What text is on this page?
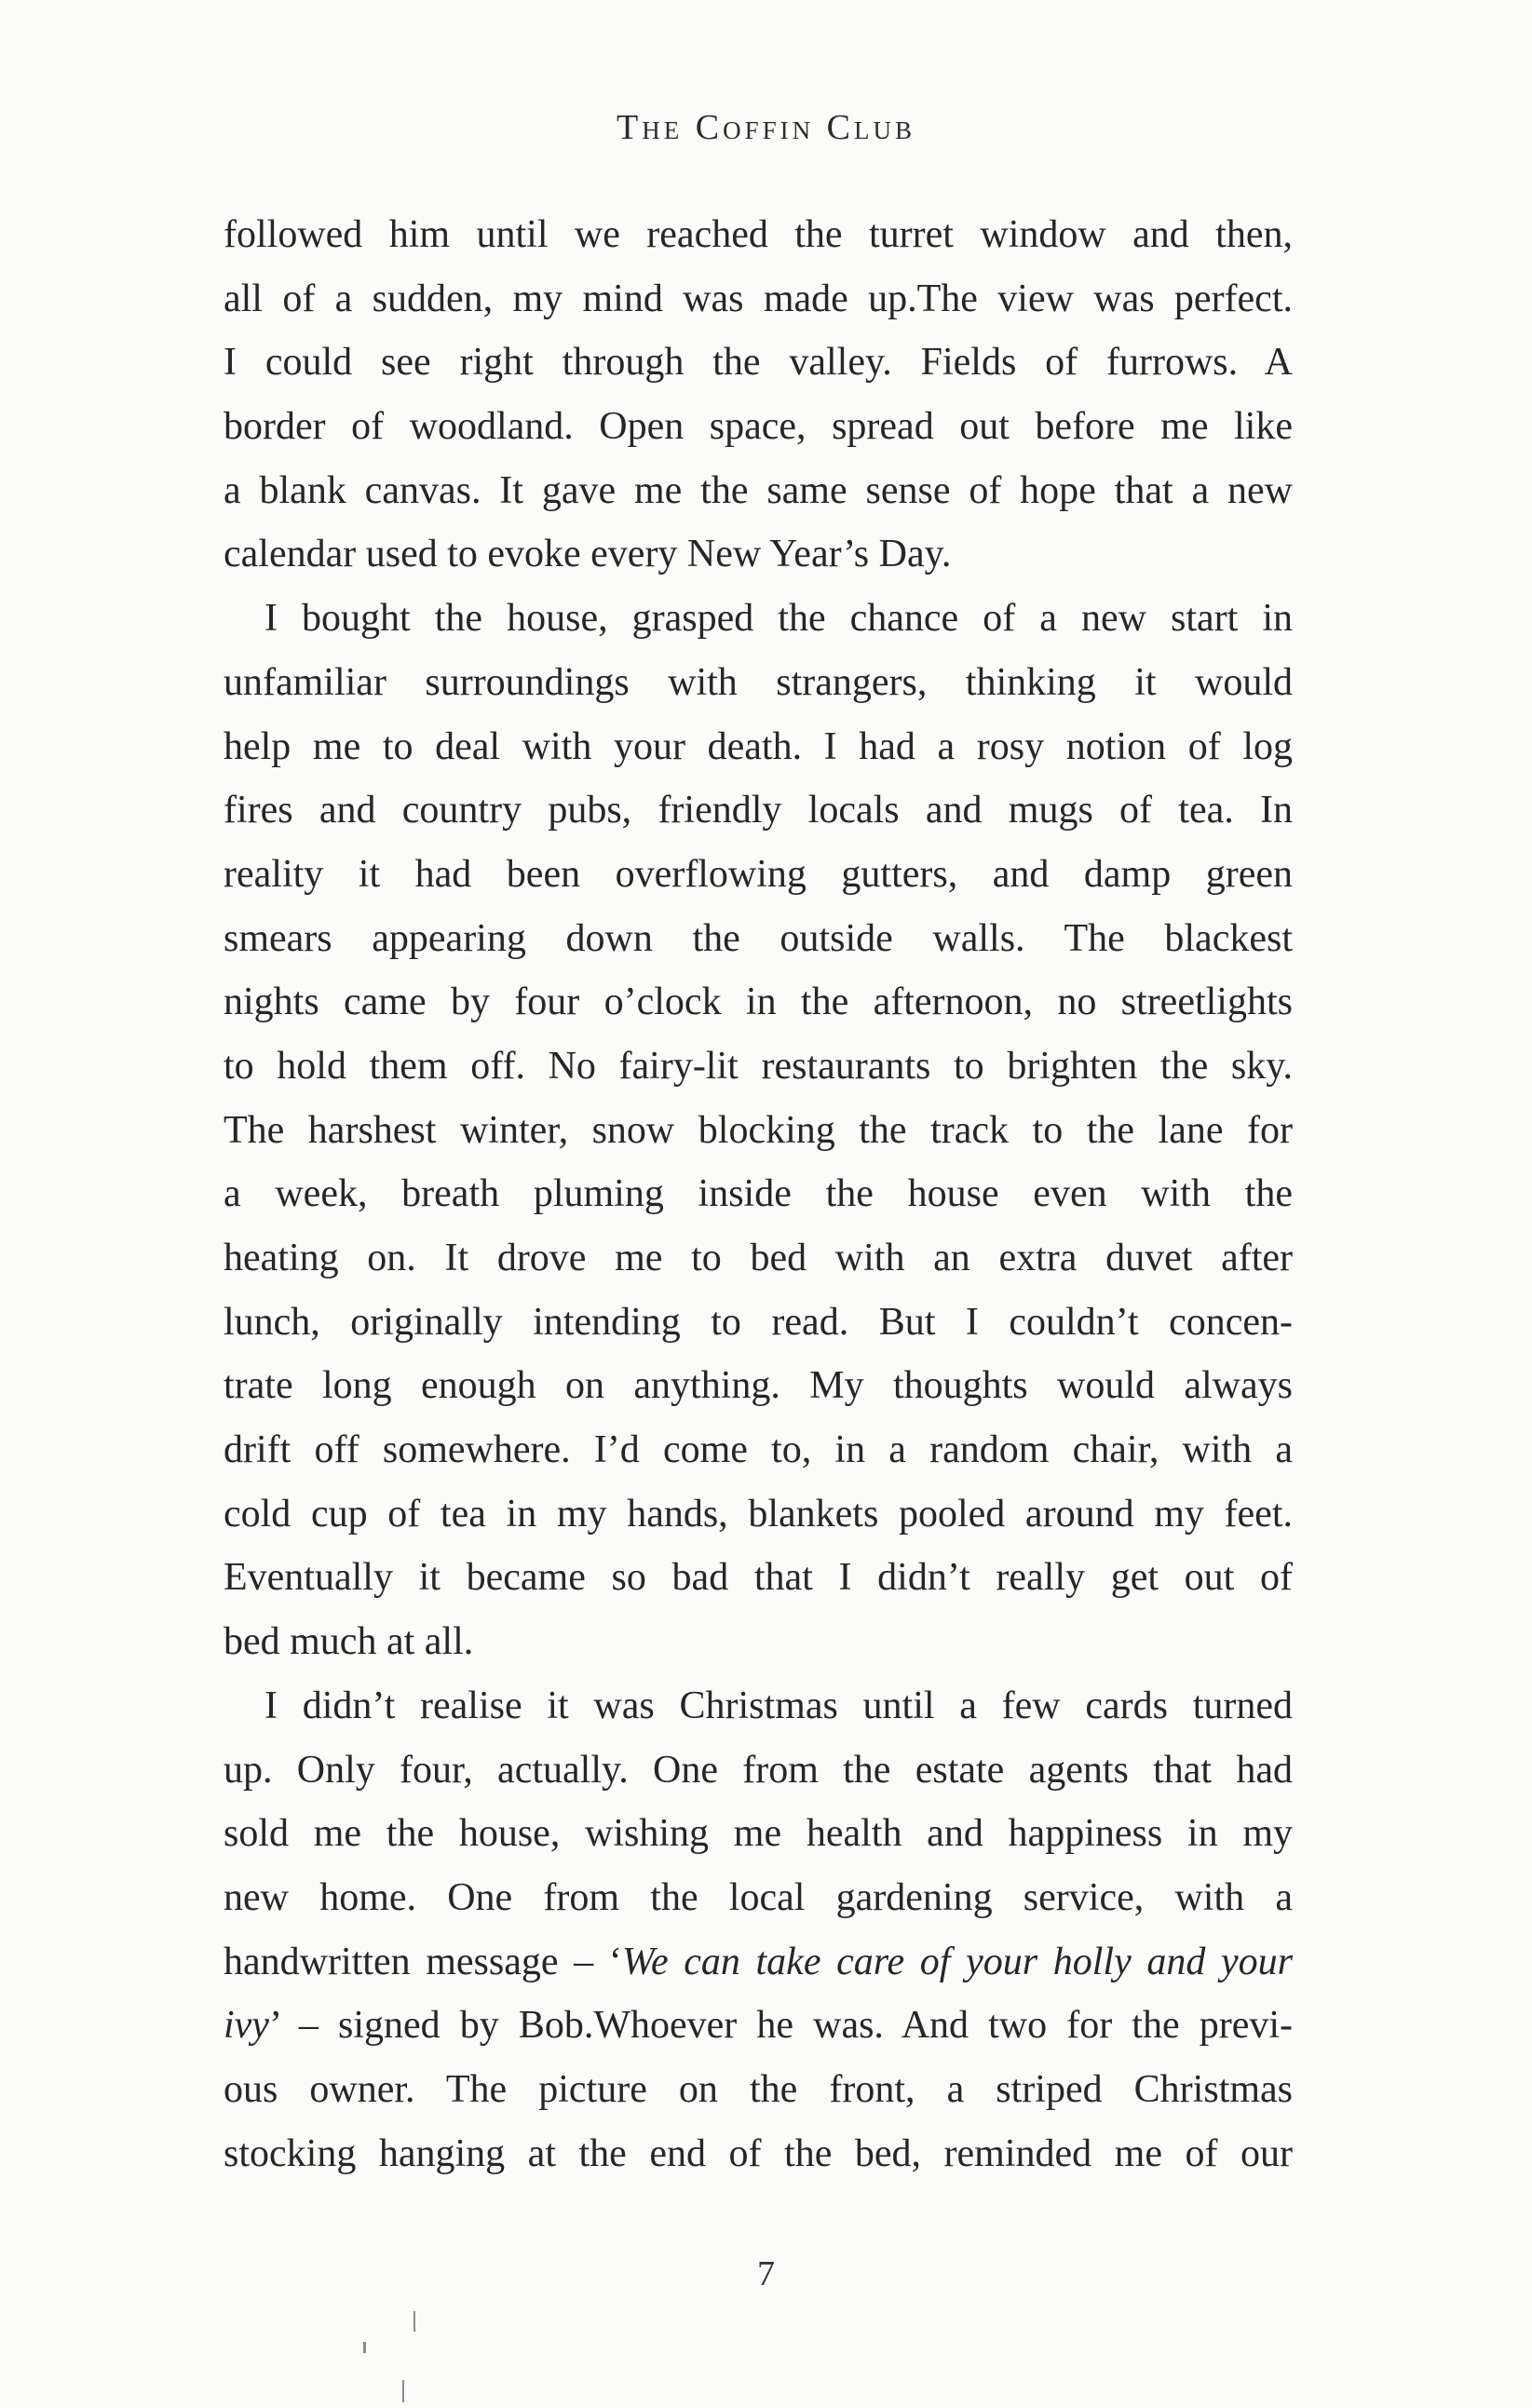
The Coffin Club
followed him until we reached the turret window and then,
all of a sudden, my mind was made up.The view was perfect.
I could see right through the valley. Fields of furrows. A
border of woodland. Open space, spread out before me like
a blank canvas. It gave me the same sense of hope that a new
calendar used to evoke every New Year’s Day.
I bought the house, grasped the chance of a new start in
unfamiliar surroundings with strangers, thinking it would
help me to deal with your death. I had a rosy notion of log
fires and country pubs, friendly locals and mugs of tea. In
reality it had been overflowing gutters, and damp green
smears appearing down the outside walls. The blackest
nights came by four o’clock in the afternoon, no streetlights
to hold them off. No fairy-lit restaurants to brighten the sky.
The harshest winter, snow blocking the track to the lane for
a week, breath pluming inside the house even with the
heating on. It drove me to bed with an extra duvet after
lunch, originally intending to read. But I couldn’t concen-
trate long enough on anything. My thoughts would always
drift off somewhere. I’d come to, in a random chair, with a
cold cup of tea in my hands, blankets pooled around my feet.
Eventually it became so bad that I didn’t really get out of
bed much at all.
I didn’t realise it was Christmas until a few cards turned
up. Only four, actually. One from the estate agents that had
sold me the house, wishing me health and happiness in my
new home. One from the local gardening service, with a
handwritten message – ‘We can take care of your holly and your
ivy’ – signed by Bob.Whoever he was. And two for the previ-
ous owner. The picture on the front, a striped Christmas
stocking hanging at the end of the bed, reminded me of our
7
